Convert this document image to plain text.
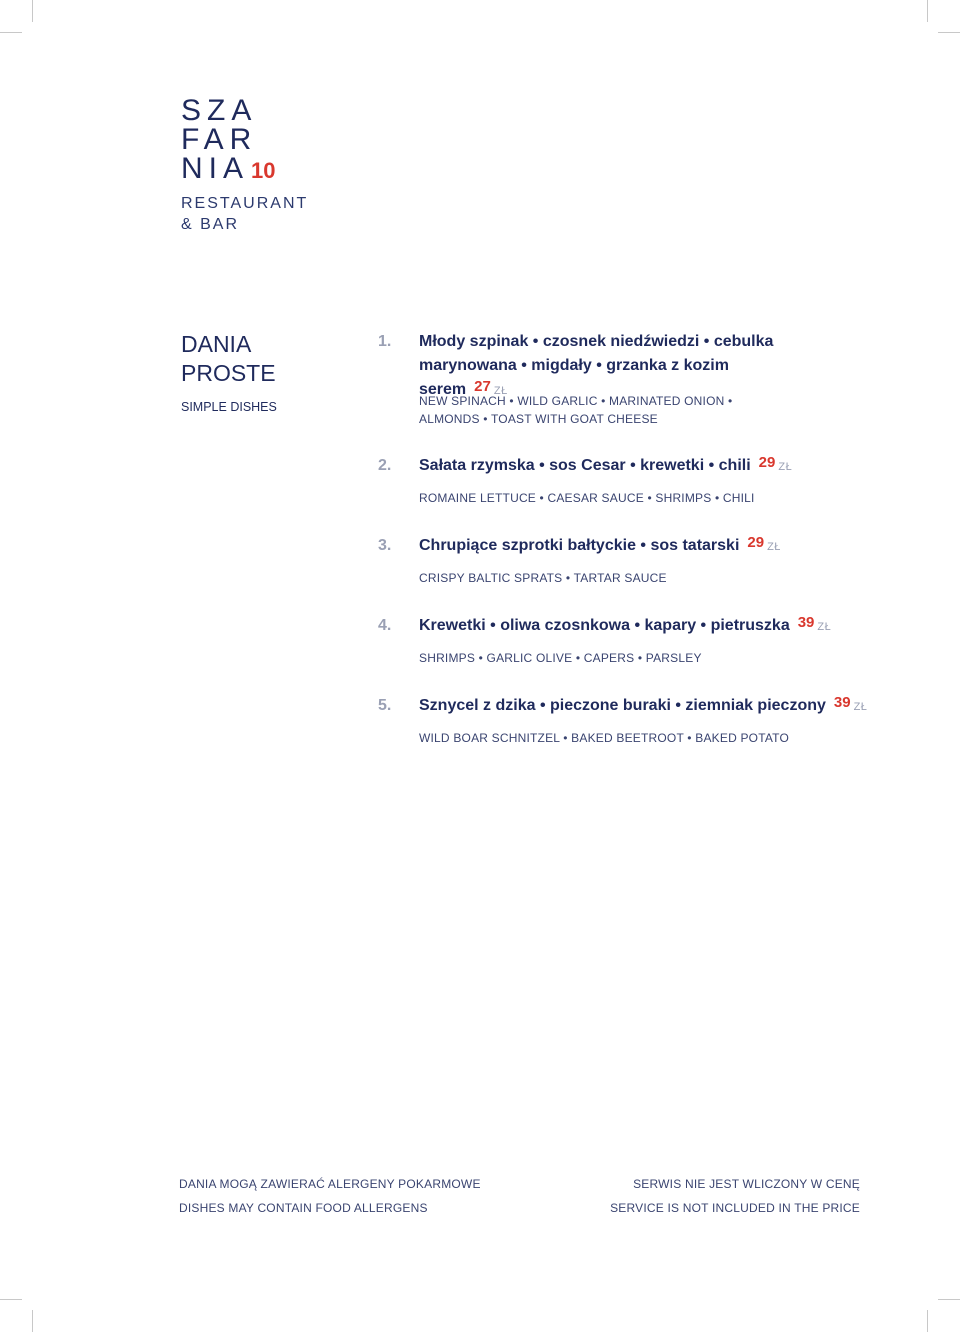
SZA
FAR
NIA10
RESTAURANT
& BAR
DANIA
PROSTE
SIMPLE DISHES
1. Młody szpinak • czosnek niedźwiedzi • cebulka marynowana • migdały • grzanka z kozim serem 27 ZŁ
NEW SPINACH • WILD GARLIC • MARINATED ONION • ALMONDS • TOAST WITH GOAT CHEESE
2. Sałata rzymska • sos Cesar • krewetki • chili 29 ZŁ
ROMAINE LETTUCE • CAESAR SAUCE • SHRIMPS • CHILI
3. Chrupiące szprotki bałtyckie • sos tatarski 29 ZŁ
CRISPY BALTIC SPRATS • TARTAR SAUCE
4. Krewetki • oliwa czosnkowa • kapary • pietruszka 39 ZŁ
SHRIMPS • GARLIC OLIVE • CAPERS • PARSLEY
5. Sznycel z dzika • pieczone buraki • ziemniak pieczony 39 ZŁ
WILD BOAR SCHNITZEL • BAKED BEETROOT • BAKED POTATO
DANIA MOGĄ ZAWIERAĆ ALERGENY POKARMOWE
DISHES MAY CONTAIN FOOD ALLERGENS
SERWIS NIE JEST WLICZONY W CENĘ
SERVICE IS NOT INCLUDED IN THE PRICE
